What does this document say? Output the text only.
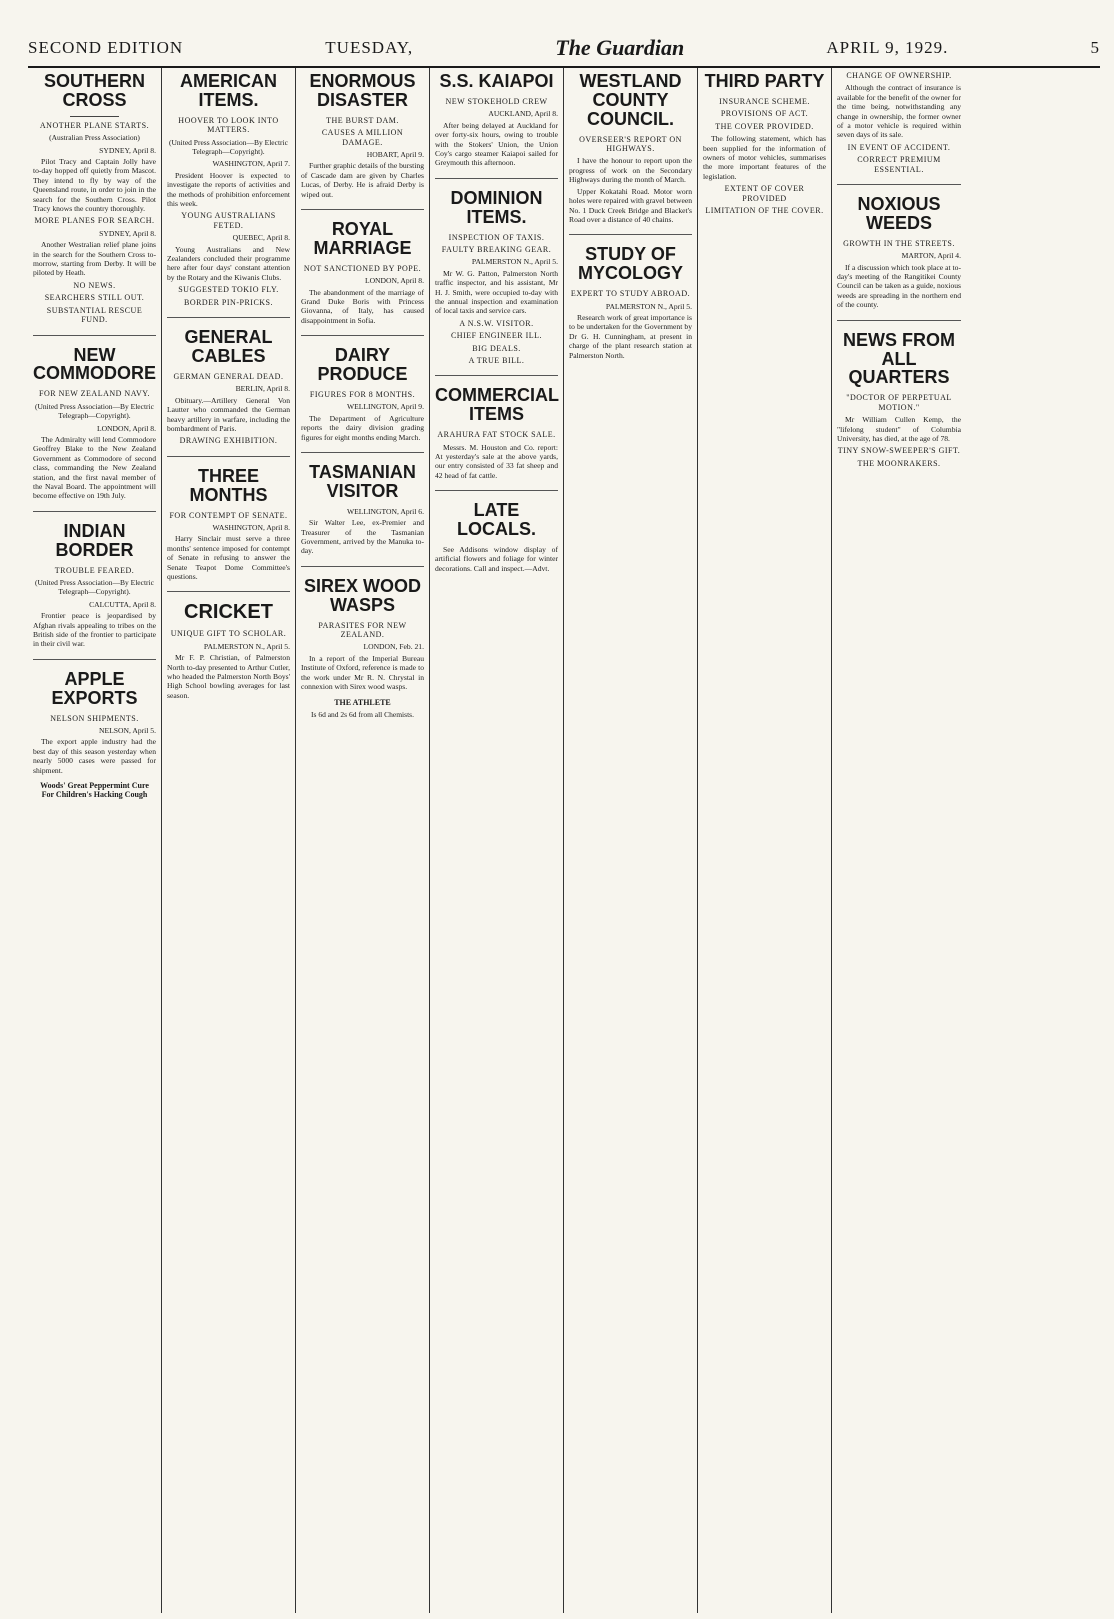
SECOND EDITION	TUESDAY,	The Guardian	APRIL 9, 1929.	5
SOUTHERN CROSS
ANOTHER PLANE STARTS.
(Australian Press Association)
SYDNEY, April 8.

Pilot Tracy and Captain Jolly have to-day hopped off quietly from Mascot. They intend to fly by way of the Queensland route, in order to join in the search for the Southern Cross. Pilot Tracy knows the country thoroughly.

MORE PLANES FOR SEARCH.
SYDNEY, April 8.

Another Westralian relief plane joins in the search for the Southern Cross to-morrow, starting from Derby. It will be piloted by Heath.

NO NEWS.
SEARCHERS STILL OUT.
SUBSTANTIAL RESCUE FUND.
NEW COMMODORE
FOR NEW ZEALAND NAVY.
(United Press Association—By Electric Telegraph—Copyright).
LONDON, April 8.

The Admiralty will lend Commodore Geoffrey Blake to the New Zealand Government as Commodore of second class, commanding the New Zealand station, and the first naval member of the Naval Board. The appointment will become effective on 19th July.

INDIAN BORDER
TROUBLE FEARED.
(United Press Association—By Electric Telegraph—Copyright).
CALCUTTA, April 8.

Frontier peace is jeopardised by Afghan rivals appealing to tribes on the British side of the frontier to participate in their civil war.

APPLE EXPORTS
NELSON SHIPMENTS.
NELSON, April 5.

The export apple industry had the best day of this season yesterday when nearly 5000 cases were passed for shipment.

Woods' Great Peppermint Cure For Children's Hacking Cough
AMERICAN ITEMS.
HOOVER TO LOOK INTO MATTERS.
(United Press Association—By Electric Telegraph—Copyright).
WASHINGTON, April 7.

President Hoover is expected to investigate the reports of activities and the methods of prohibition enforcement this week.

YOUNG AUSTRALIANS FETED.
QUEBEC, April 8.

Young Australians and New Zealanders concluded their programme here after four days' constant attention by the Rotary and the Kiwanis Clubs.

SUGGESTED TOKIO FLY.
BORDER PIN-PRICKS.
GENERAL CABLES
GERMAN GENERAL DEAD.
BERLIN, April 8.

Obituary.—Artillery General Von Lautter who commanded the German heavy artillery in warfare, including the bombardment of Paris.

DRAWING EXHIBITION.
THREE MONTHS
FOR CONTEMPT OF SENATE.
WASHINGTON, April 8.

Harry Sinclair must serve a three months' sentence imposed for contempt of Senate in refusing to answer the Senate Teapot Dome Committee's questions.

CRICKET
UNIQUE GIFT TO SCHOLAR.
PALMERSTON N., April 5.

Mr F. P. Christian, of Palmerston North to-day presented to Arthur Cutler, who headed the Palmerston North Boys' High School bowling averages for last season.

ENORMOUS DISASTER
THE BURST DAM.
CAUSES A MILLION DAMAGE.
HOBART, April 9.

Further graphic details of the bursting of Cascade dam are given by Charles Lucas, of Derby. He is afraid Derby is wiped out.

ROYAL MARRIAGE
NOT SANCTIONED BY POPE.
LONDON, April 8.

The abandonment of the marriage of Grand Duke Boris with Princess Giovanna, of Italy, has caused disappointment in Sofia.

DAIRY PRODUCE
FIGURES FOR 8 MONTHS.
WELLINGTON, April 9.

The Department of Agriculture reports the dairy division grading figures for eight months ending March.

TASMANIAN VISITOR
WELLINGTON, April 6.

Sir Walter Lee, ex-Premier and Treasurer of the Tasmanian Government, arrived by the Manuka to-day.

SIREX WOOD WASPS
PARASITES FOR NEW ZEALAND.
LONDON, Feb. 21.

In a report of the Imperial Bureau Institute of Oxford, reference is made to the work under Mr R. N. Chrystal in connexion with Sirex wood wasps.

THE ATHLETE
Is 6d and 2s 6d from all Chemists.
S.S. KAIAPOI
NEW STOKEHOLD CREW
AUCKLAND, April 8.

After being delayed at Auckland for over forty-six hours, owing to trouble with the Stokers' Union, the Union Coy's cargo steamer Kaiapoi sailed for Greymouth this afternoon.

DOMINION ITEMS.
INSPECTION OF TAXIS.
FAULTY BREAKING GEAR.
PALMERSTON N., April 5.

Mr W. G. Patton, Palmerston North traffic inspector, and his assistant, Mr H. J. Smith, were occupied to-day with the annual inspection and examination of local taxis and service cars.

A N.S.W. VISITOR.
CHIEF ENGINEER ILL.
BIG DEALS.
A TRUE BILL.
COMMERCIAL ITEMS
ARAHURA FAT STOCK SALE.

Messrs. M. Houston and Co. report: At yesterday's sale at the above yards, our entry consisted of 33 fat sheep and 42 head of fat cattle.

LATE LOCALS.

See Addisons window display of artificial flowers and foliage for winter decorations. Call and inspect.—Advt.

WESTLAND COUNTY COUNCIL.
OVERSEER'S REPORT ON HIGHWAYS.

I have the honour to report upon the progress of work on the Secondary Highways during the month of March.

Upper Kokatahi Road. Motor worn holes were repaired with gravel between No. 1 Duck Creek Bridge and Blacket's Road over a distance of 40 chains.

STUDY OF MYCOLOGY
EXPERT TO STUDY ABROAD.
PALMERSTON N., April 5.

Research work of great importance is to be undertaken for the Government by Dr G. H. Cunningham, at present in charge of the plant research station at Palmerston North.

THIRD PARTY
INSURANCE SCHEME.
PROVISIONS OF ACT.
THE COVER PROVIDED.

The following statement, which has been supplied for the information of owners of motor vehicles, summarises the more important features of the legislation.

EXTENT OF COVER PROVIDED
LIMITATION OF THE COVER.
CHANGE OF OWNERSHIP.

Although the contract of insurance is available for the benefit of the owner for the time being, notwithstanding any change in ownership, the former owner of a motor vehicle is required within seven days of its sale.

IN EVENT OF ACCIDENT.
CORRECT PREMIUM ESSENTIAL.
NOXIOUS WEEDS
GROWTH IN THE STREETS.
MARTON, April 4.

If a discussion which took place at to-day's meeting of the Rangitikei County Council can be taken as a guide, noxious weeds are spreading in the northern end of the county.

NEWS FROM ALL QUARTERS
"DOCTOR OF PERPETUAL MOTION."

Mr William Cullen Kemp, the "lifelong student" of Columbia University, has died, at the age of 78.

TINY SNOW-SWEEPER'S GIFT.
THE MOONRAKERS.
